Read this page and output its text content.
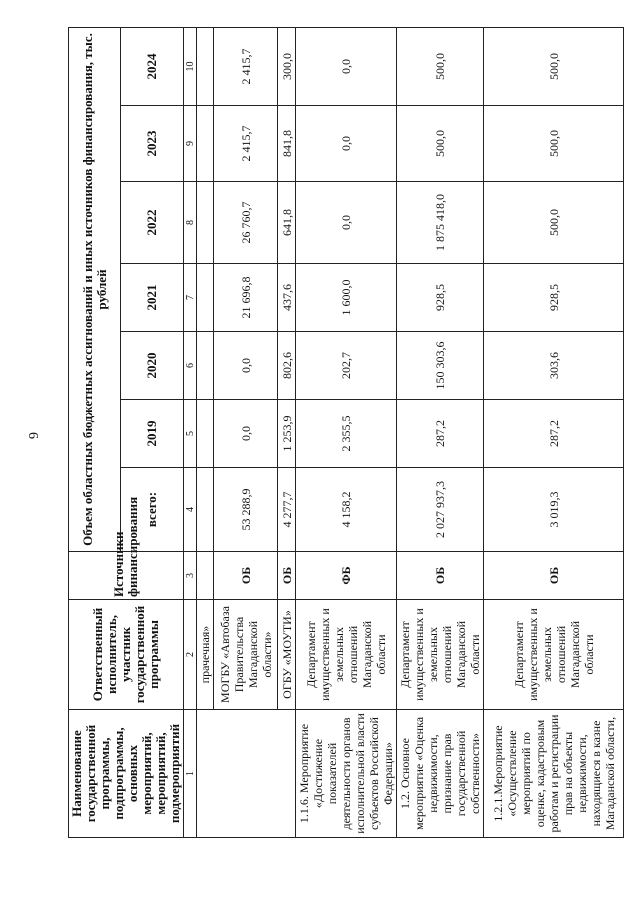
6
Наименование государственной программы, подпрограммы, основных мероприятий, мероприятий, подмероприятий	Ответственный исполнитель, участник государственной программы	Источники финансирования	Объем областных бюджетных ассигнований и иных источников финансирования, тыс. рублей						
			всего:	2019	2020	2021	2022	2023	2024
1	2	3	4	5	6	7	8	9	10
	прачечная»								
	МОГБУ «Автобаза Правительства Магаданской области»	ОБ	53 288,9	0,0	0,0	21 696,8	26 760,7	2 415,7	2 415,7
	ОГБУ «МОУТИ»	ОБ	4 277,7	1 253,9	802,6	437,6	641,8	841,8	300,0
1.1.6. Мероприятие «Достижение показателей деятельности органов исполнительной власти субъектов Российской Федерации»	Департамент имущественных и земельных отношений Магаданской области	ФБ	4 158,2	2 355,5	202,7	1 600,0	0,0	0,0	0,0
1.2. Основное мероприятие «Оценка недвижимости, признание прав государственной собственности»	Департамент имущественных и земельных отношений Магаданской области	ОБ	2 027 937,3	287,2	150 303,6	928,5	1 875 418,0	500,0	500,0
1.2.1.Мероприятие «Осуществление мероприятий по оценке, кадастровым работам и регистрации прав на объекты недвижимости, находящиеся в казне Магаданской области,	Департамент имущественных и земельных отношений Магаданской области	ОБ	3 019,3	287,2	303,6	928,5	500,0	500,0	500,0
